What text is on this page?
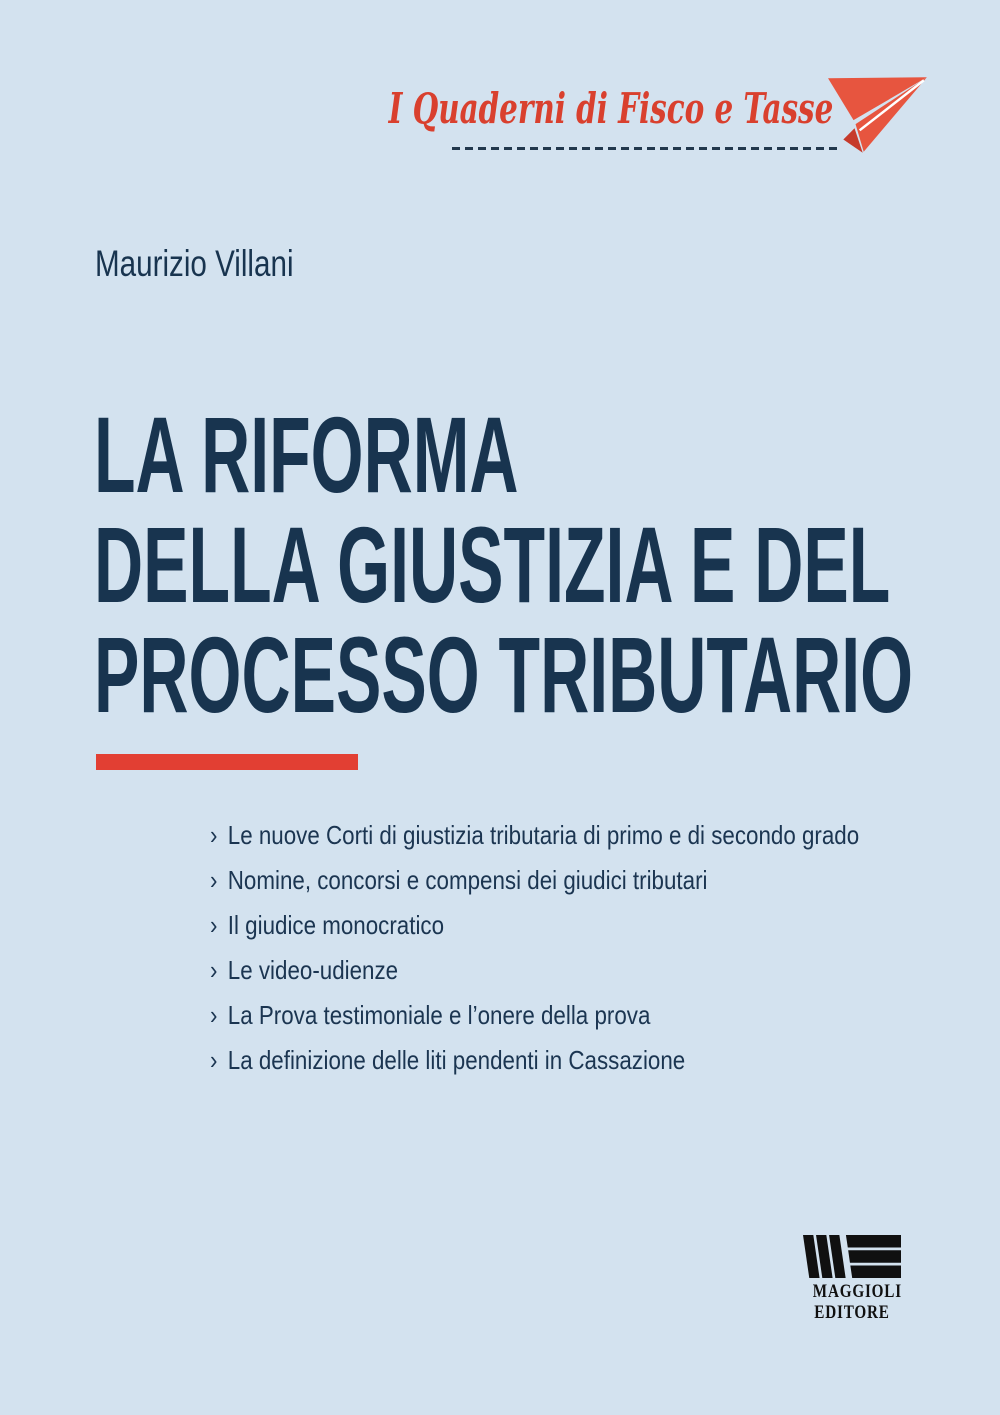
I Quaderni di Fisco e Tasse
Maurizio Villani
LA RIFORMA
DELLA GIUSTIZIA E DEL
PROCESSO TRIBUTARIO
› Le nuove Corti di giustizia tributaria di primo e di secondo grado
› Nomine, concorsi e compensi dei giudici tributari
› Il giudice monocratico
› Le video-udienze
› La Prova testimoniale e l’onere della prova
› La definizione delle liti pendenti in Cassazione
MAGGIOLI
EDITORE
